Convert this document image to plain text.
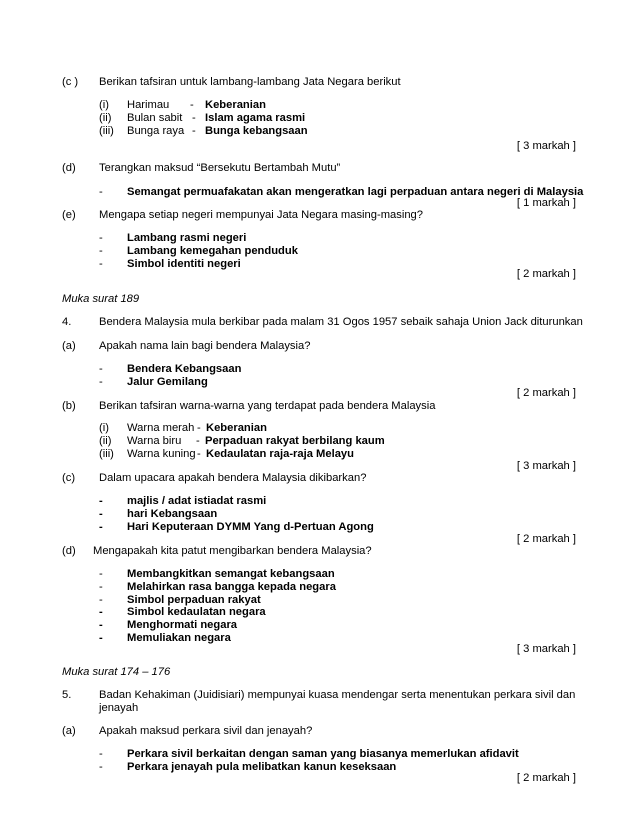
(c ) Berikan tafsiran untuk lambang-lambang Jata Negara berikut
(i) Harimau - Keberanian
(ii) Bulan sabit - Islam agama rasmi
(iii) Bunga raya - Bunga kebangsaan
[ 3 markah ]
(d) Terangkan maksud “Bersekutu Bertambah Mutu”
- Semangat permuafakatan akan mengeratkan lagi perpaduan antara negeri di Malaysia
[ 1 markah ]
(e) Mengapa setiap negeri mempunyai Jata Negara masing-masing?
- Lambang rasmi negeri
- Lambang kemegahan penduduk
- Simbol identiti negeri
[ 2 markah ]
Muka surat 189
4. Bendera Malaysia mula berkibar pada malam 31 Ogos 1957 sebaik sahaja Union Jack diturunkan
(a) Apakah nama lain bagi bendera Malaysia?
- Bendera Kebangsaan
- Jalur Gemilang
[ 2 markah ]
(b) Berikan tafsiran warna-warna yang terdapat pada bendera Malaysia
(i) Warna merah - Keberanian
(ii) Warna biru - Perpaduan rakyat berbilang kaum
(iii) Warna kuning - Kedaulatan raja-raja Melayu
[ 3 markah ]
(c) Dalam upacara apakah bendera Malaysia dikibarkan?
- majlis / adat istiadat rasmi
- hari Kebangsaan
- Hari Keputeraan DYMM Yang d-Pertuan Agong
[ 2 markah ]
(d) Mengapakah kita patut mengibarkan bendera Malaysia?
- Membangkitkan semangat kebangsaan
- Melahirkan rasa bangga kepada negara
- Simbol perpaduan rakyat
- Simbol kedaulatan negara
- Menghormati negara
- Memuliakan negara
[ 3 markah ]
Muka surat 174 – 176
5. Badan Kehakiman (Juidisiari) mempunyai kuasa mendengar serta menentukan perkara sivil dan
jenayah
(a) Apakah maksud perkara sivil dan jenayah?
- Perkara sivil berkaitan dengan saman yang biasanya memerlukan afidavit
- Perkara jenayah pula melibatkan kanun keseksaan
[ 2 markah ]
